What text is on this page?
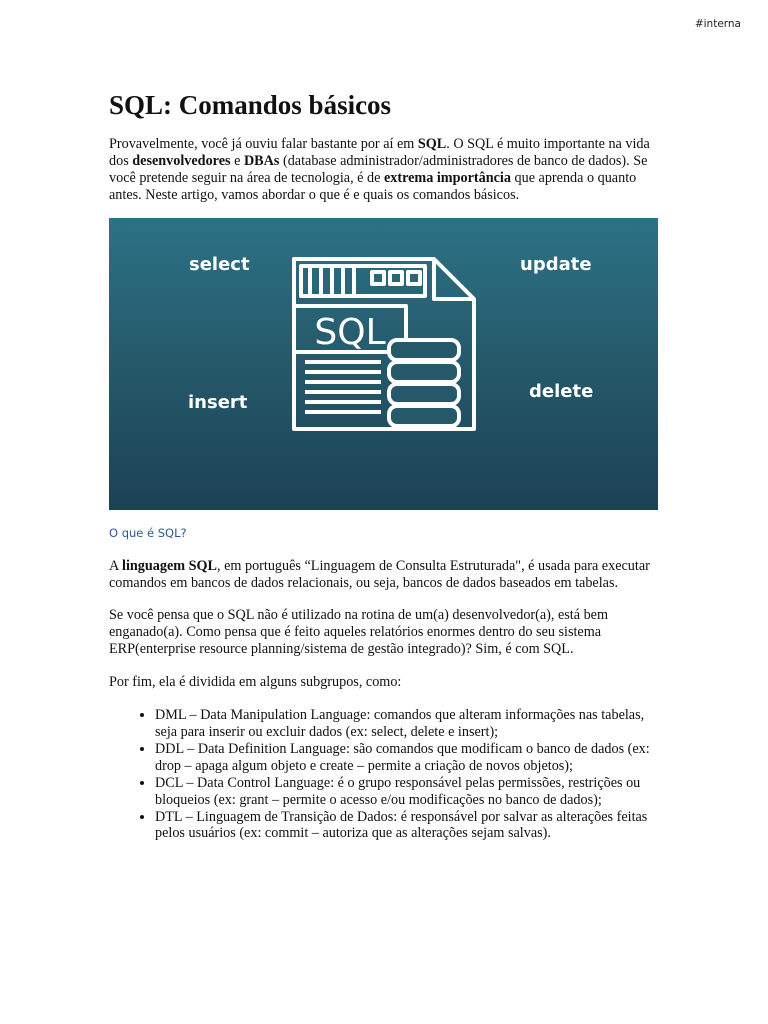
#interna
SQL: Comandos básicos

Provavelmente, você já ouviu falar bastante por aí em SQL. O SQL é muito importante na vida dos desenvolvedores e DBAs (database administrador/administradores de banco de dados). Se você pretende seguir na área de tecnologia, é de extrema importância que aprenda o quanto antes. Neste artigo, vamos abordar o que é e quais os comandos básicos.

select	update
insert
delete
SQL
O que é SQL?

A linguagem SQL, em português “Linguagem de Consulta Estruturada", é usada para executar comandos em bancos de dados relacionais, ou seja, bancos de dados baseados em tabelas.

Se você pensa que o SQL não é utilizado na rotina de um(a) desenvolvedor(a), está bem enganado(a). Como pensa que é feito aqueles relatórios enormes dentro do seu sistema ERP(enterprise resource planning/sistema de gestão integrado)? Sim, é com SQL.

Por fim, ela é dividida em alguns subgrupos, como:

• DML – Data Manipulation Language: comandos que alteram informações nas tabelas, seja para inserir ou excluir dados (ex: select, delete e insert);
• DDL – Data Definition Language: são comandos que modificam o banco de dados (ex: drop – apaga algum objeto e create – permite a criação de novos objetos);
• DCL – Data Control Language: é o grupo responsável pelas permissões, restrições ou bloqueios (ex: grant – permite o acesso e/ou modificações no banco de dados);
• DTL – Linguagem de Transição de Dados: é responsável por salvar as alterações feitas pelos usuários (ex: commit – autoriza que as alterações sejam salvas).
